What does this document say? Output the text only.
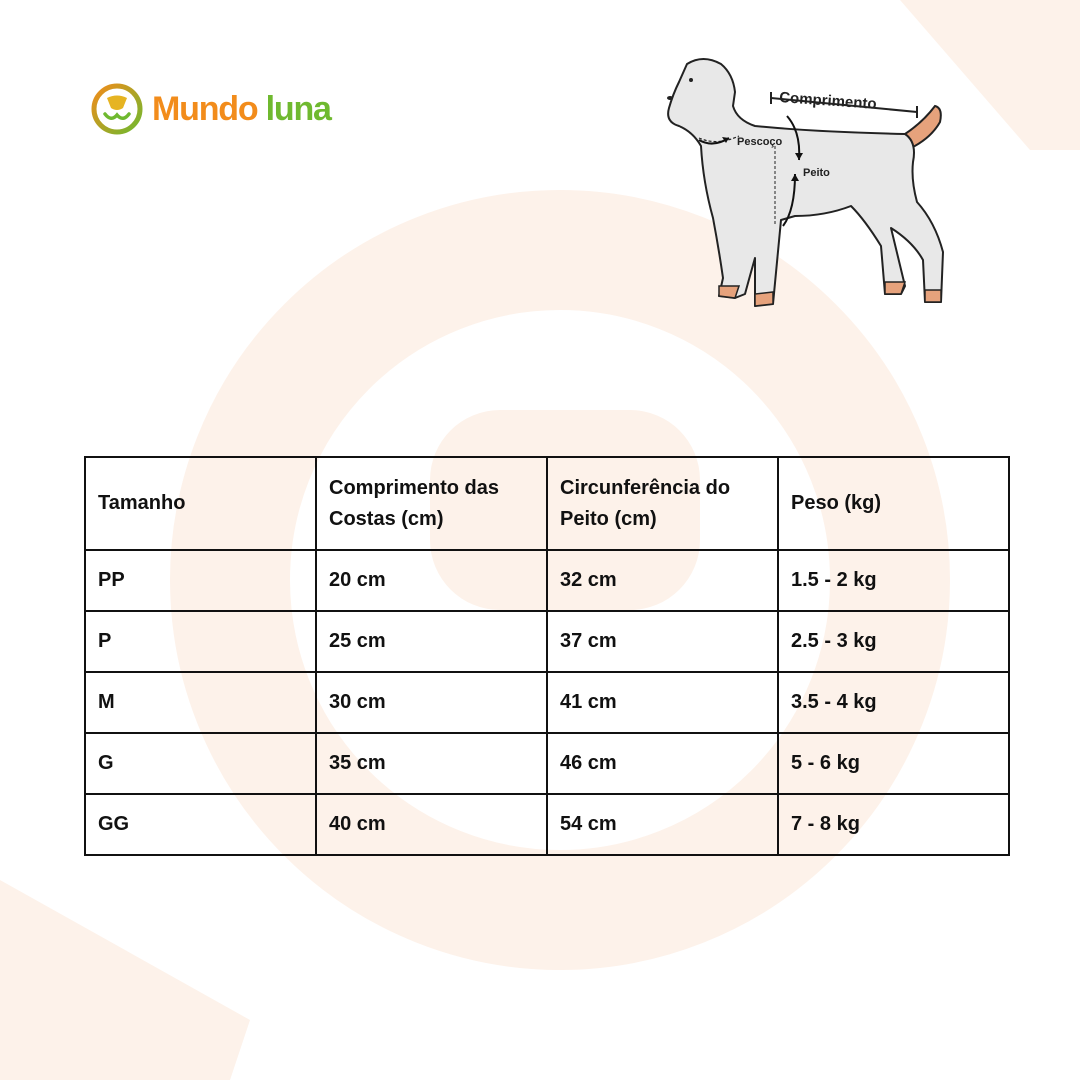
Mundo luna
Pescoço
Comprimento
Peito
Tamanho	Comprimento das Costas (cm)	Circunferência do Peito (cm)	Peso (kg)
PP	20 cm	32 cm	1.5 - 2 kg
P	25 cm	37 cm	2.5 - 3 kg
M	30 cm	41 cm	3.5 - 4 kg
G	35 cm	46 cm	5 - 6 kg
GG	40 cm	54 cm	7 - 8 kg
